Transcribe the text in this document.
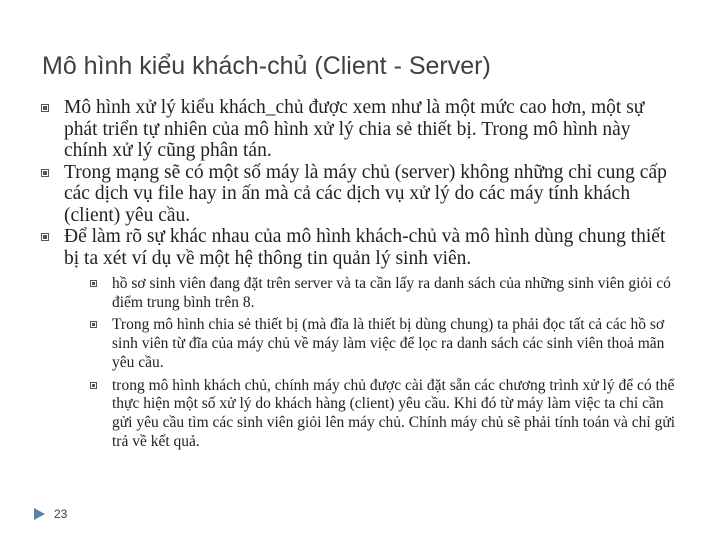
Mô hình kiểu khách-chủ (Client - Server)
Mô hình xử lý kiểu khách_chủ được xem như là một mức cao hơn, một sự phát triển tự nhiên của mô hình xử lý chia sẻ thiết bị. Trong mô hình này chính xử lý cũng phân tán.
Trong mạng sẽ có một số máy là máy chủ (server) không những chỉ cung cấp các dịch vụ file hay in ấn mà cả các dịch vụ xử lý do các máy tính khách (client) yêu cầu.
Để làm rõ sự khác nhau của mô hình khách-chủ và mô hình dùng chung thiết bị ta xét ví dụ về một hệ thông tin quản lý sinh viên.
hồ sơ sinh viên đang đặt trên server và ta cần lấy ra danh sách của những sinh viên giỏi có điểm trung bình trên 8.
Trong mô hình chia sẻ thiết bị (mà đĩa là thiết bị dùng chung) ta phải đọc tất cả các hồ sơ sinh viên từ đĩa của máy chủ về máy làm việc để lọc ra danh sách các sinh viên thoả mãn yêu cầu.
trong mô hình khách chủ, chính máy chủ được cài đặt sẵn các chương trình xử lý để có thể thực hiện một số xử lý do khách hàng (client) yêu cầu. Khi đó từ máy làm việc ta chỉ cần gửi yêu cầu tìm các sinh viên giỏi lên máy chủ. Chính máy chủ sẽ phải tính toán và chỉ gửi trả về kết quả.
23
